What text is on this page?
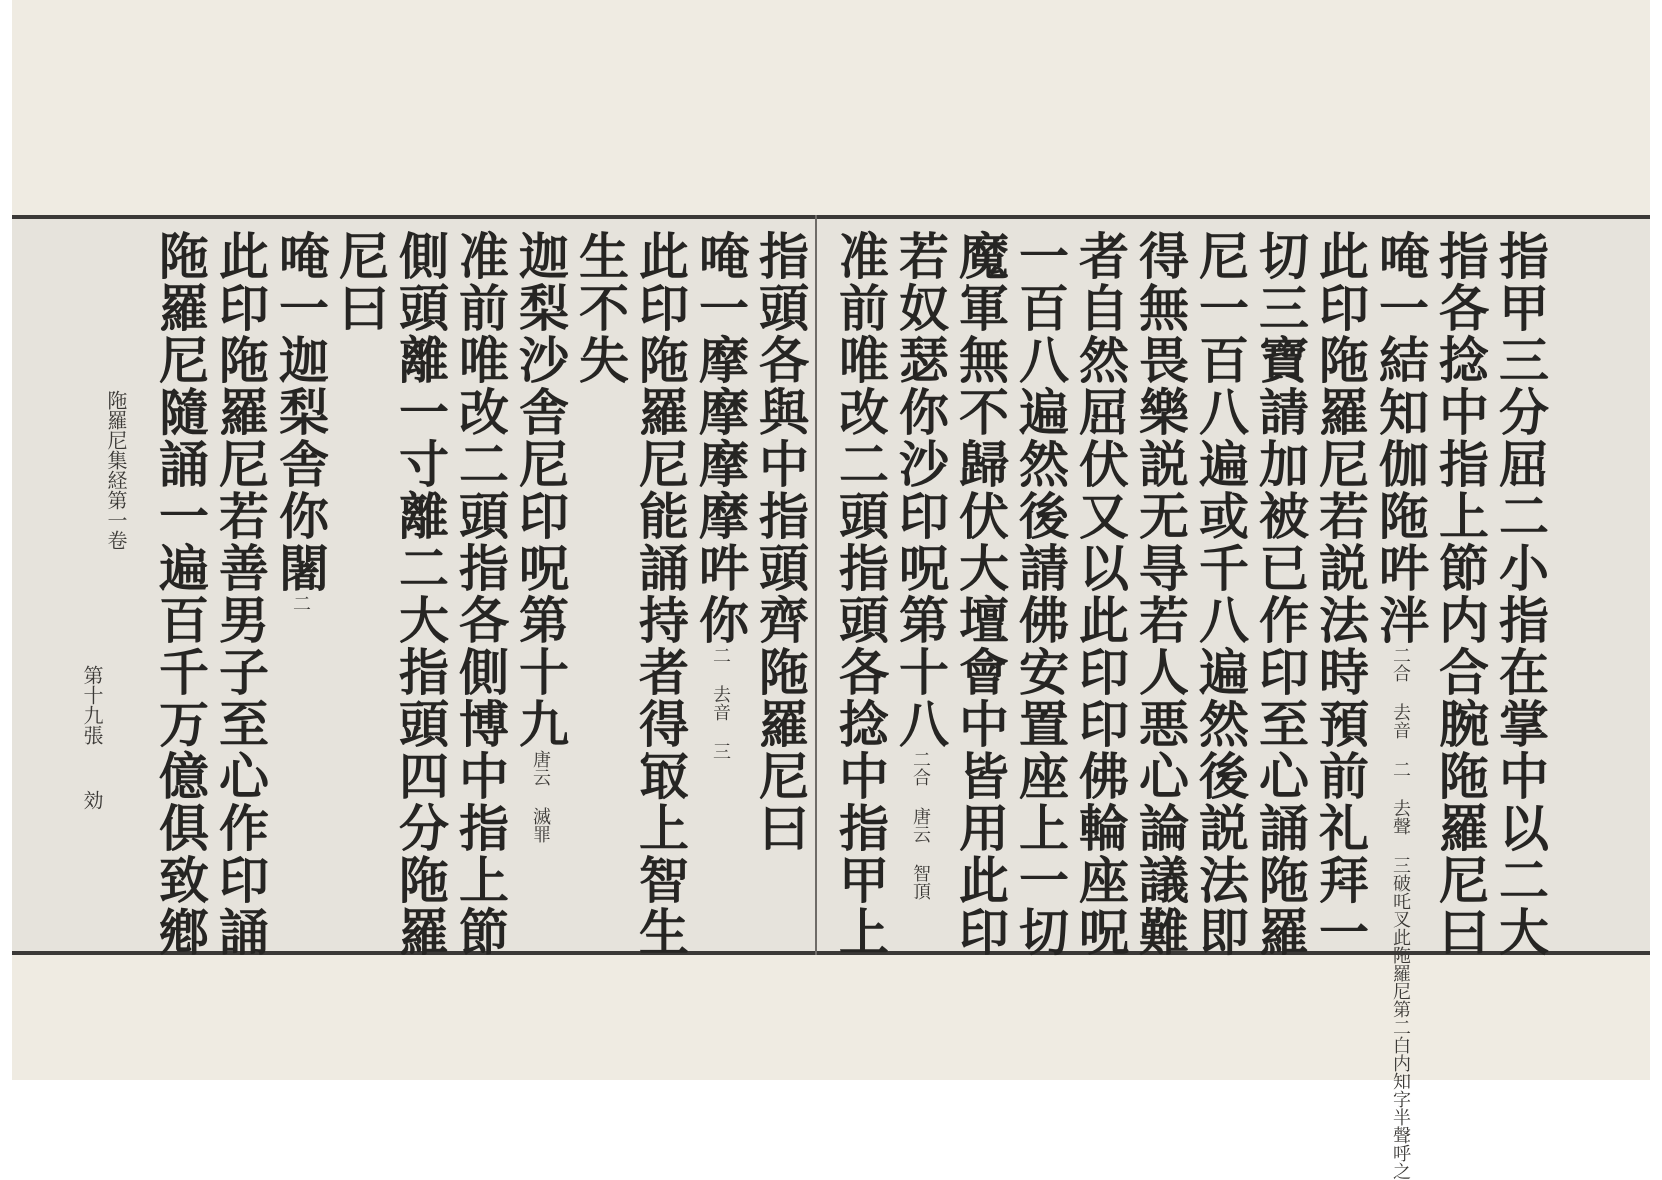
指甲三分屈二小指在掌中以二大
指各捻中指上節内合腕陁羅尼曰
唵一結知伽陁吽泮二合 去音 二 去聲 三破吒叉此陁羅尼第二白内知字半聲呼之
此印陁羅尼若説法時預前礼拜一
切三寶請加被已作印至心誦陁羅
尼一百八遍或千八遍然後説法即
得無畏樂説无㝵若人悪心論議難
者自然屈伏又以此印印佛輪座呪
一百八遍然後請佛安置座上一切
魔軍無不歸伏大壇會中皆用此印
若奴瑟你沙印呪第十八二合 唐云 智頂
准前唯改二頭指頭各捻中指甲上
指頭各與中指頭齊陁羅尼曰
唵一摩摩摩摩吽你二 去音 三
此印陁羅尼能誦持者得冣上智生
生不失
迦梨沙舎尼印呪第十九唐云 滅罪
准前唯改二頭指各側博中指上節
側頭離一寸離二大指頭四分陁羅
尼曰
唵一迦梨舎你闍二
此印陁羅尼若善男子至心作印誦
陁羅尼隨誦一遍百千万億俱致鄕
陁羅尼集経第一卷
第十九張
効
